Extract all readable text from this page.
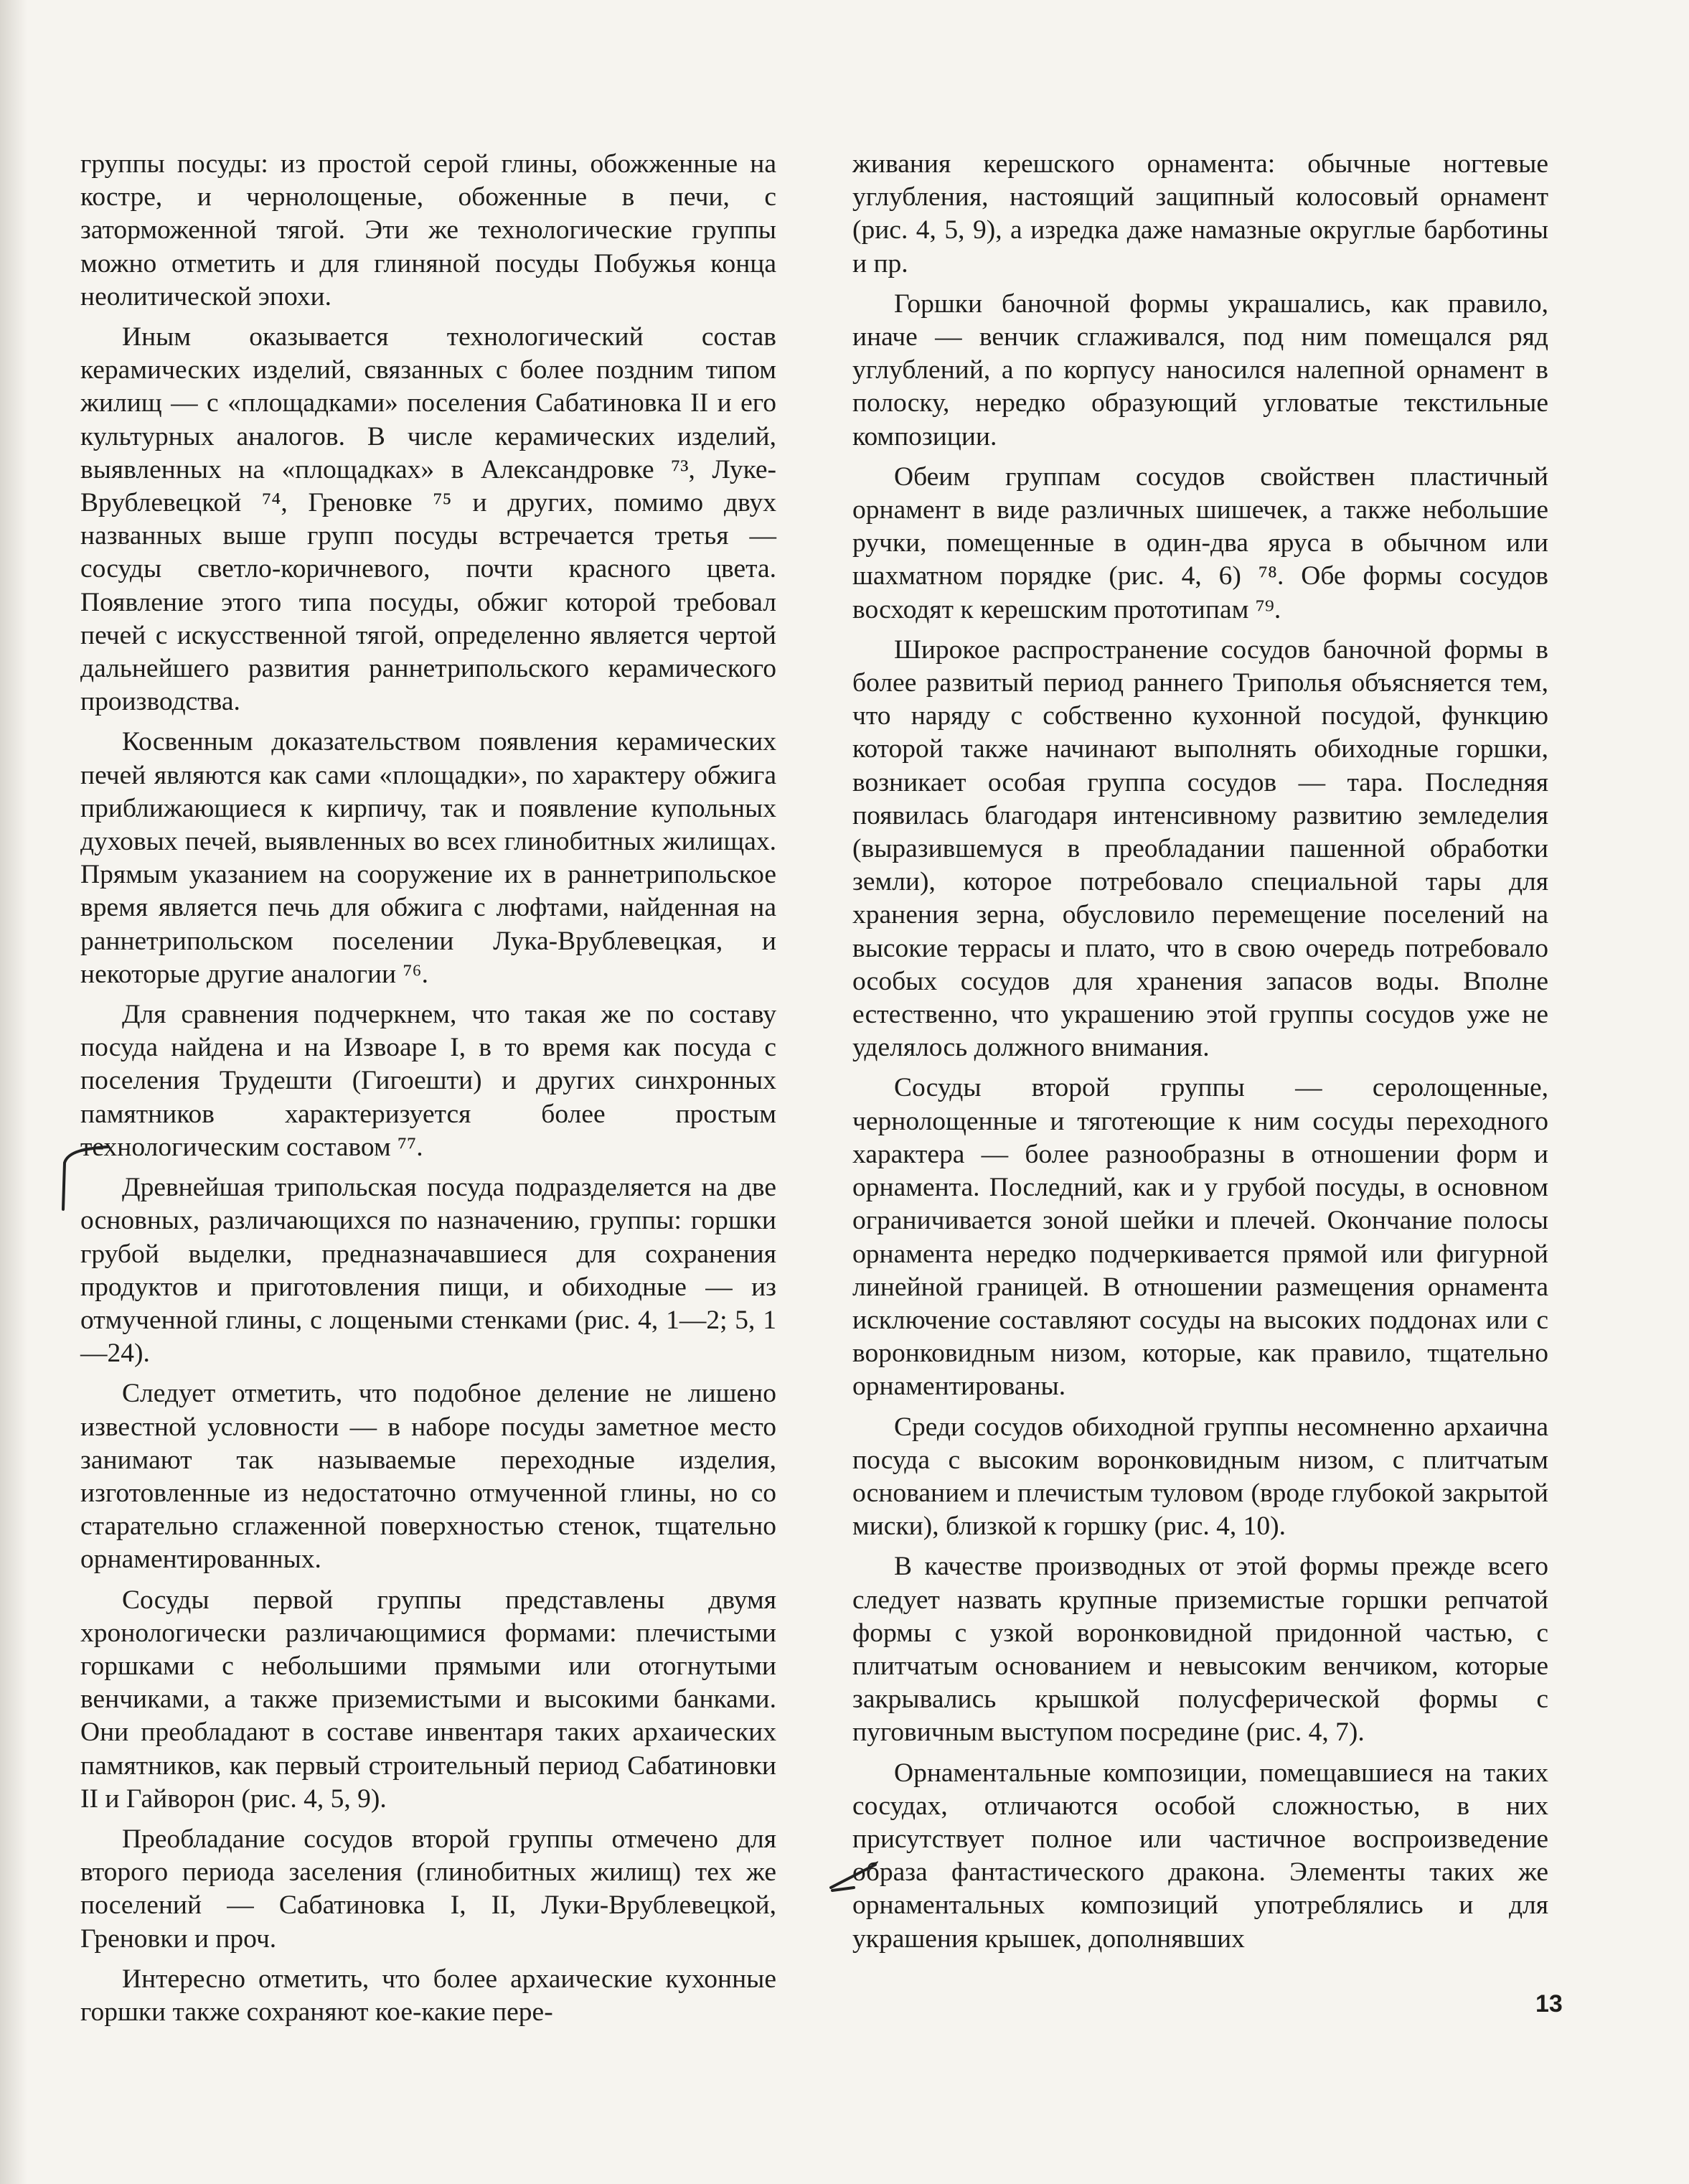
группы посуды: из простой серой глины, обожженные на костре, и чернолощеные, обоженные в печи, с заторможенной тягой. Эти же технологические группы можно отметить и для глиняной посуды Побужья конца неолитической эпохи.

Иным оказывается технологический состав керамических изделий, связанных с более поздним типом жилищ — с «площадками» поселения Сабатиновка II и его культурных аналогов. В числе керамических изделий, выявленных на «площадках» в Александровке ⁷³, Луке-Врублевецкой ⁷⁴, Греновке ⁷⁵ и других, помимо двух названных выше групп посуды встречается третья — сосуды светло-коричневого, почти красного цвета. Появление этого типа посуды, обжиг которой требовал печей с искусственной тягой, определенно является чертой дальнейшего развития раннетрипольского керамического производства.

Косвенным доказательством появления керамических печей являются как сами «площадки», по характеру обжига приближающиеся к кирпичу, так и появление купольных духовых печей, выявленных во всех глинобитных жилищах. Прямым указанием на сооружение их в раннетрипольское время является печь для обжига с люфтами, найденная на раннетрипольском поселении Лука-Врублевецкая, и некоторые другие аналогии ⁷⁶.

Для сравнения подчеркнем, что такая же по составу посуда найдена и на Извоаре I, в то время как посуда с поселения Трудешти (Гигоешти) и других синхронных памятников характеризуется более простым технологическим составом ⁷⁷.

Древнейшая трипольская посуда подразделяется на две основных, различающихся по назначению, группы: горшки грубой выделки, предназначавшиеся для сохранения продуктов и приготовления пищи, и обиходные — из отмученной глины, с лощеными стенками (рис. 4, 1—2; 5, 1—24).

Следует отметить, что подобное деление не лишено известной условности — в наборе посуды заметное место занимают так называемые переходные изделия, изготовленные из недостаточно отмученной глины, но со старательно сглаженной поверхностью стенок, тщательно орнаментированных.

Сосуды первой группы представлены двумя хронологически различающимися формами: плечистыми горшками с небольшими прямыми или отогнутыми венчиками, а также приземистыми и высокими банками. Они преобладают в составе инвентаря таких архаических памятников, как первый строительный период Сабатиновки II и Гайворон (рис. 4, 5, 9).

Преобладание сосудов второй группы отмечено для второго периода заселения (глинобитных жилищ) тех же поселений — Сабатиновка I, II, Луки-Врублевецкой, Греновки и проч.

Интересно отметить, что более архаические кухонные горшки также сохраняют кое-какие пере-

живания керешского орнамента: обычные ногтевые углубления, настоящий защипный колосовый орнамент (рис. 4, 5, 9), а изредка даже намазные округлые барботины и пр.

Горшки баночной формы украшались, как правило, иначе — венчик сглаживался, под ним помещался ряд углублений, а по корпусу наносился налепной орнамент в полоску, нередко образующий угловатые текстильные композиции.

Обеим группам сосудов свойствен пластичный орнамент в виде различных шишечек, а также небольшие ручки, помещенные в один-два яруса в обычном или шахматном порядке (рис. 4, 6) ⁷⁸. Обе формы сосудов восходят к керешским прототипам ⁷⁹.

Широкое распространение сосудов баночной формы в более развитый период раннего Триполья объясняется тем, что наряду с собственно кухонной посудой, функцию которой также начинают выполнять обиходные горшки, возникает особая группа сосудов — тара. Последняя появилась благодаря интенсивному развитию земледелия (выразившемуся в преобладании пашенной обработки земли), которое потребовало специальной тары для хранения зерна, обусловило перемещение поселений на высокие террасы и плато, что в свою очередь потребовало особых сосудов для хранения запасов воды. Вполне естественно, что украшению этой группы сосудов уже не уделялось должного внимания.

Сосуды второй группы — серолощенные, чернолощенные и тяготеющие к ним сосуды переходного характера — более разнообразны в отношении форм и орнамента. Последний, как и у грубой посуды, в основном ограничивается зоной шейки и плечей. Окончание полосы орнамента нередко подчеркивается прямой или фигурной линейной границей. В отношении размещения орнамента исключение составляют сосуды на высоких поддонах или с воронковидным низом, которые, как правило, тщательно орнаментированы.

Среди сосудов обиходной группы несомненно архаична посуда с высоким воронковидным низом, с плитчатым основанием и плечистым туловом (вроде глубокой закрытой миски), близкой к горшку (рис. 4, 10).

В качестве производных от этой формы прежде всего следует назвать крупные приземистые горшки репчатой формы с узкой воронковидной придонной частью, с плитчатым основанием и невысоким венчиком, которые закрывались крышкой полусферической формы с пуговичным выступом посредине (рис. 4, 7).

Орнаментальные композиции, помещавшиеся на таких сосудах, отличаются особой сложностью, в них присутствует полное или частичное воспроизведение образа фантастического дракона. Элементы таких же орнаментальных композиций употреблялись и для украшения крышек, дополнявших

13
